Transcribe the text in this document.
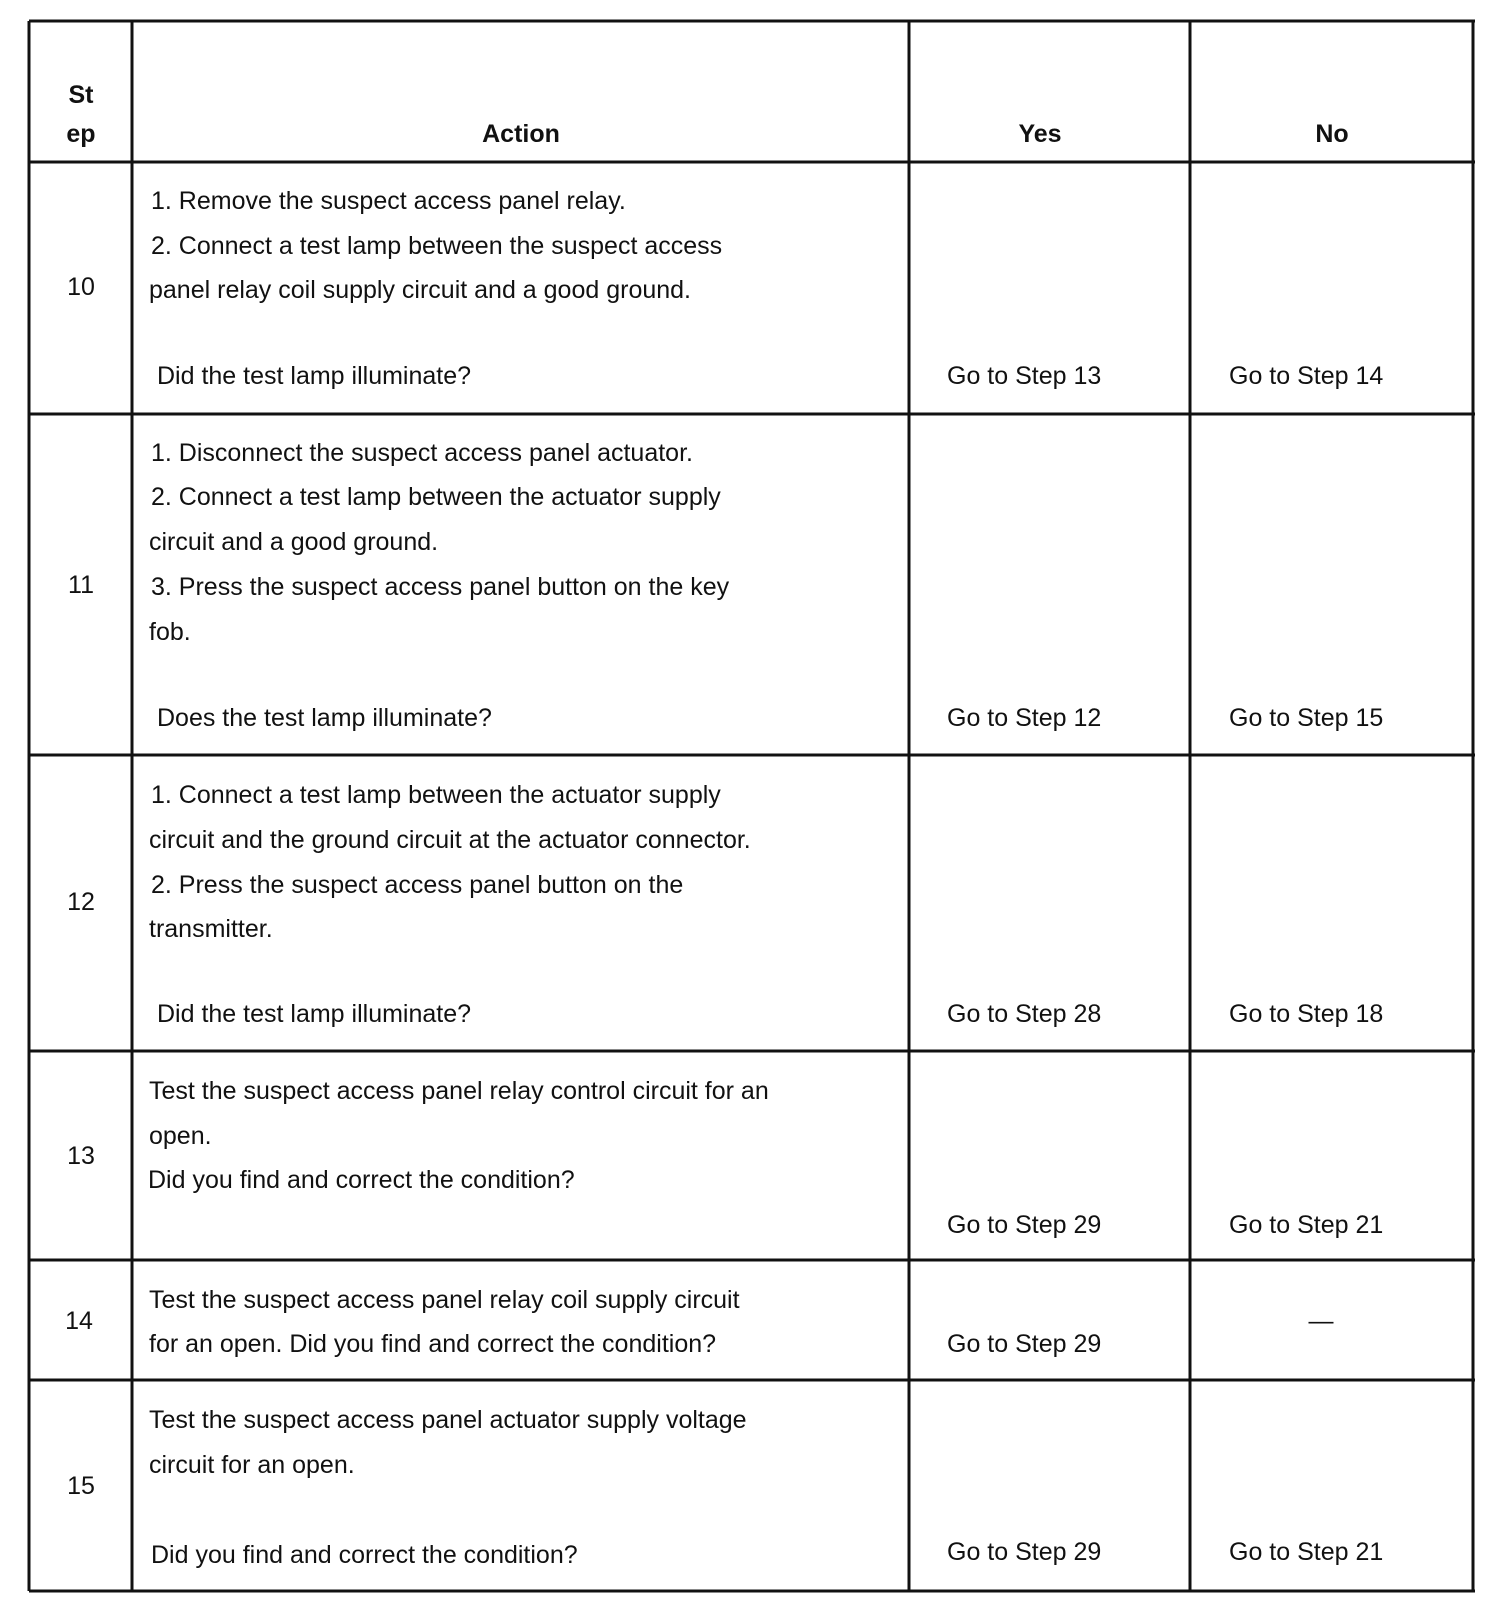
St
ep	Action	Yes	No
10
1. Remove the suspect access panel relay.
2. Connect a test lamp between the suspect access
panel relay coil supply circuit and a good ground.
Did the test lamp illuminate?	Go to Step 13	Go to Step 14
11
1. Disconnect the suspect access panel actuator.
2. Connect a test lamp between the actuator supply
circuit and a good ground.
3. Press the suspect access panel button on the key
fob.
Does the test lamp illuminate?	Go to Step 12	Go to Step 15
12
1. Connect a test lamp between the actuator supply
circuit and the ground circuit at the actuator connector.
2. Press the suspect access panel button on the
transmitter.
Did the test lamp illuminate?	Go to Step 28	Go to Step 18
13
Test the suspect access panel relay control circuit for an
open.
Did you find and correct the condition?
Go to Step 29	Go to Step 21
14
Test the suspect access panel relay coil supply circuit
for an open. Did you find and correct the condition?	Go to Step 29
—
15
Test the suspect access panel actuator supply voltage
circuit for an open.
Did you find and correct the condition?	Go to Step 29	Go to Step 21
